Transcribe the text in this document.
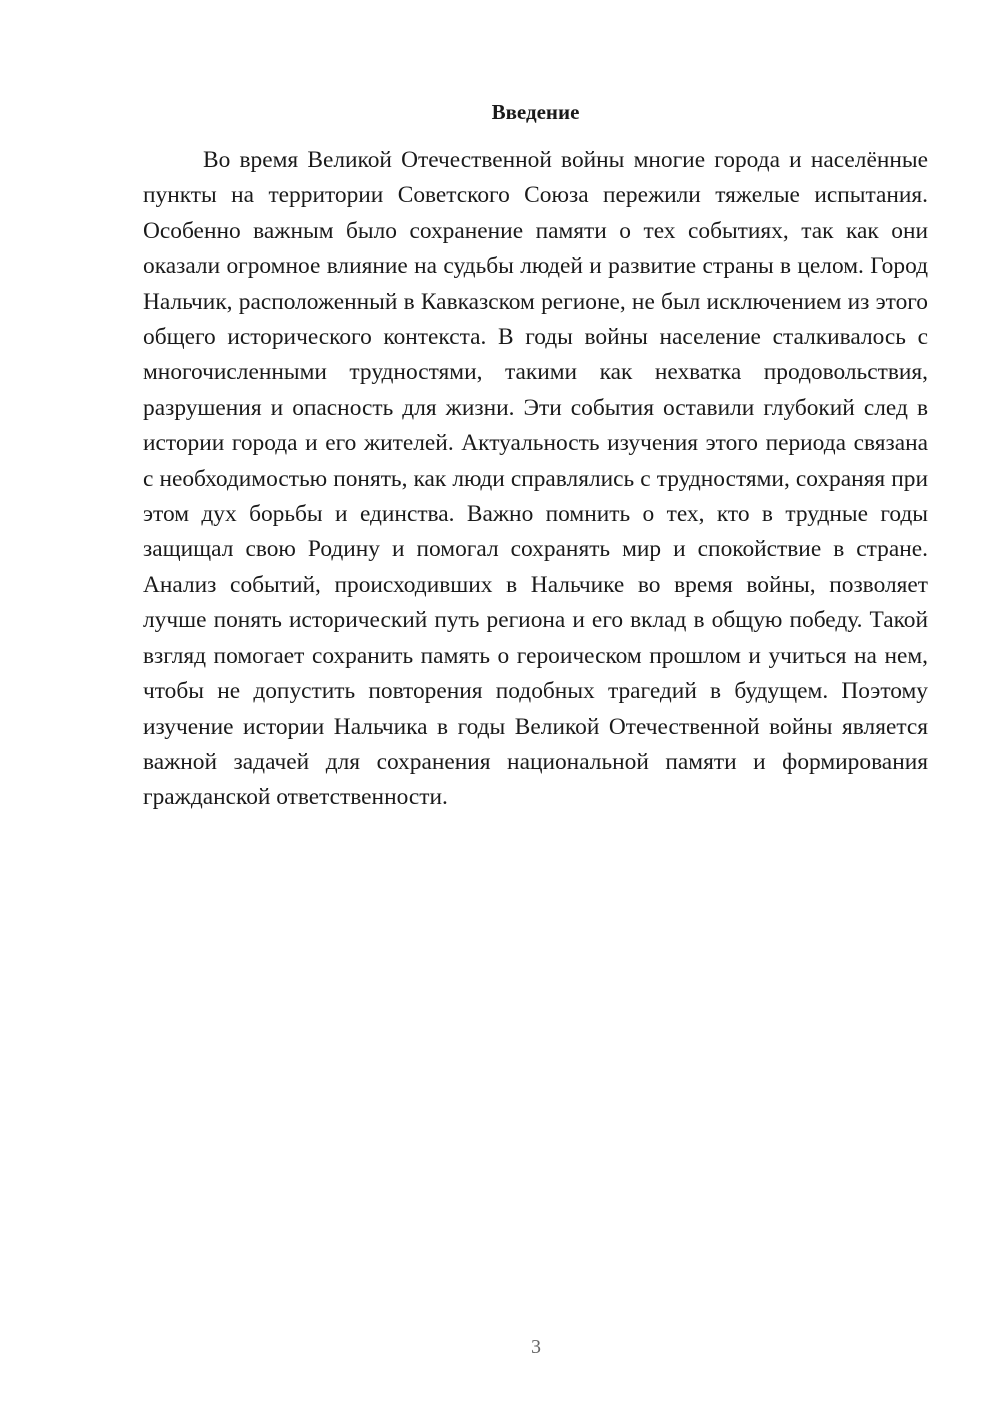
Введение

Во время Великой Отечественной войны многие города и населённые пункты на территории Советского Союза пережили тяжелые испытания. Особенно важным было сохранение памяти о тех событиях, так как они оказали огромное влияние на судьбы людей и развитие страны в целом. Город Нальчик, расположенный в Кавказском регионе, не был исключением из этого общего исторического контекста. В годы войны население сталкивалось с многочисленными трудностями, такими как нехватка продовольствия, разрушения и опасность для жизни. Эти события оставили глубокий след в истории города и его жителей. Актуальность изучения этого периода связана с необходимостью понять, как люди справлялись с трудностями, сохраняя при этом дух борьбы и единства. Важно помнить о тех, кто в трудные годы защищал свою Родину и помогал сохранять мир и спокойствие в стране. Анализ событий, происходивших в Нальчике во время войны, позволяет лучше понять исторический путь региона и его вклад в общую победу. Такой взгляд помогает сохранить память о героическом прошлом и учиться на нем, чтобы не допустить повторения подобных трагедий в будущем. Поэтому изучение истории Нальчика в годы Великой Отечественной войны является важной задачей для сохранения национальной памяти и формирования гражданской ответственности.

3
